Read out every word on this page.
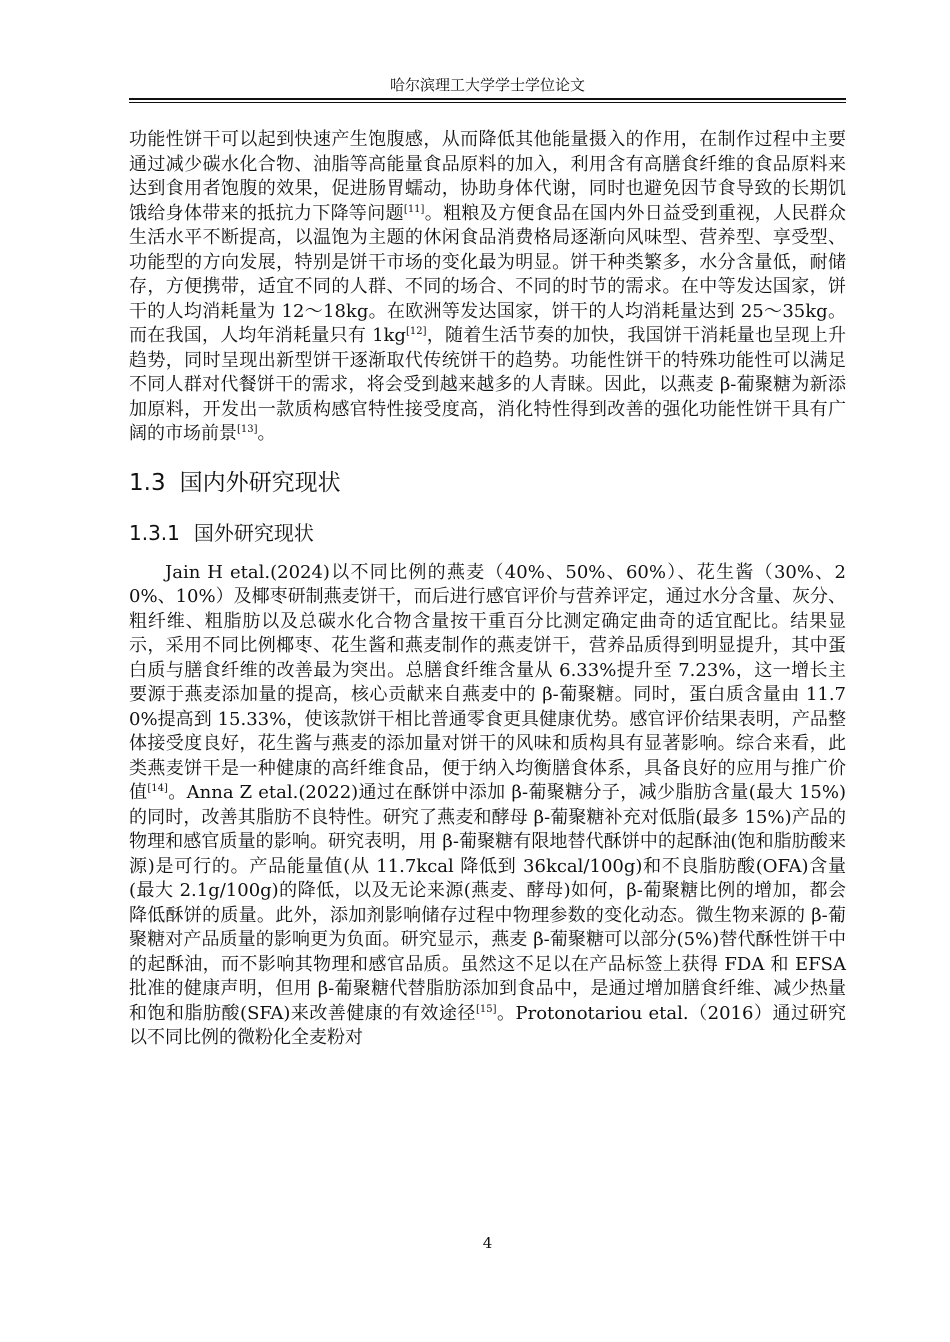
哈尔滨理工大学学士学位论文

功能性饼干可以起到快速产生饱腹感，从而降低其他能量摄入的作用，在制作过程中主要通过减少碳水化合物、油脂等高能量食品原料的加入，利用含有高膳食纤维的食品原料来达到食用者饱腹的效果，促进肠胃蠕动，协助身体代谢，同时也避免因节食导致的长期饥饿给身体带来的抵抗力下降等问题[11]。粗粮及方便食品在国内外日益受到重视，人民群众生活水平不断提高，以温饱为主题的休闲食品消费格局逐渐向风味型、营养型、享受型、功能型的方向发展，特别是饼干市场的变化最为明显。饼干种类繁多，水分含量低，耐储存，方便携带，适宜不同的人群、不同的场合、不同的时节的需求。在中等发达国家，饼干的人均消耗量为 12～18kg。在欧洲等发达国家，饼干的人均消耗量达到 25～35kg。而在我国，人均年消耗量只有 1kg[12]，随着生活节奏的加快，我国饼干消耗量也呈现上升趋势，同时呈现出新型饼干逐渐取代传统饼干的趋势。功能性饼干的特殊功能性可以满足不同人群对代餐饼干的需求，将会受到越来越多的人青睐。因此，以燕麦 β-葡聚糖为新添加原料，开发出一款质构感官特性接受度高，消化特性得到改善的强化功能性饼干具有广阔的市场前景[13]。

1.3 国内外研究现状
1.3.1 国外研究现状

Jain H etal.(2024)以不同比例的燕麦（40%、50%、60%）、花生酱（30%、20%、10%）及椰枣研制燕麦饼干，而后进行感官评价与营养评定，通过水分含量、灰分、粗纤维、粗脂肪以及总碳水化合物含量按干重百分比测定确定曲奇的适宜配比。结果显示，采用不同比例椰枣、花生酱和燕麦制作的燕麦饼干，营养品质得到明显提升，其中蛋白质与膳食纤维的改善最为突出。总膳食纤维含量从 6.33%提升至 7.23%，这一增长主要源于燕麦添加量的提高，核心贡献来自燕麦中的 β-葡聚糖。同时，蛋白质含量由 11.70%提高到 15.33%，使该款饼干相比普通零食更具健康优势。感官评价结果表明，产品整体接受度良好，花生酱与燕麦的添加量对饼干的风味和质构具有显著影响。综合来看，此类燕麦饼干是一种健康的高纤维食品，便于纳入均衡膳食体系，具备良好的应用与推广价值[14]。Anna Z etal.(2022)通过在酥饼中添加 β-葡聚糖分子，减少脂肪含量(最大 15%)的同时，改善其脂肪不良特性。研究了燕麦和酵母 β-葡聚糖补充对低脂(最多 15%)产品的物理和感官质量的影响。研究表明，用 β-葡聚糖有限地替代酥饼中的起酥油(饱和脂肪酸来源)是可行的。产品能量值(从 11.7kcal 降低到 36kcal/100g)和不良脂肪酸(OFA)含量(最大 2.1g/100g)的降低，以及无论来源(燕麦、酵母)如何，β-葡聚糖比例的增加，都会降低酥饼的质量。此外，添加剂影响储存过程中物理参数的变化动态。微生物来源的 β-葡聚糖对产品质量的影响更为负面。研究显示，燕麦 β-葡聚糖可以部分(5%)替代酥性饼干中的起酥油，而不影响其物理和感官品质。虽然这不足以在产品标签上获得 FDA 和 EFSA 批准的健康声明，但用 β-葡聚糖代替脂肪添加到食品中，是通过增加膳食纤维、减少热量和饱和脂肪酸(SFA)来改善健康的有效途径[15]。Protonotariou etal.（2016）通过研究以不同比例的微粉化全麦粉对

4
